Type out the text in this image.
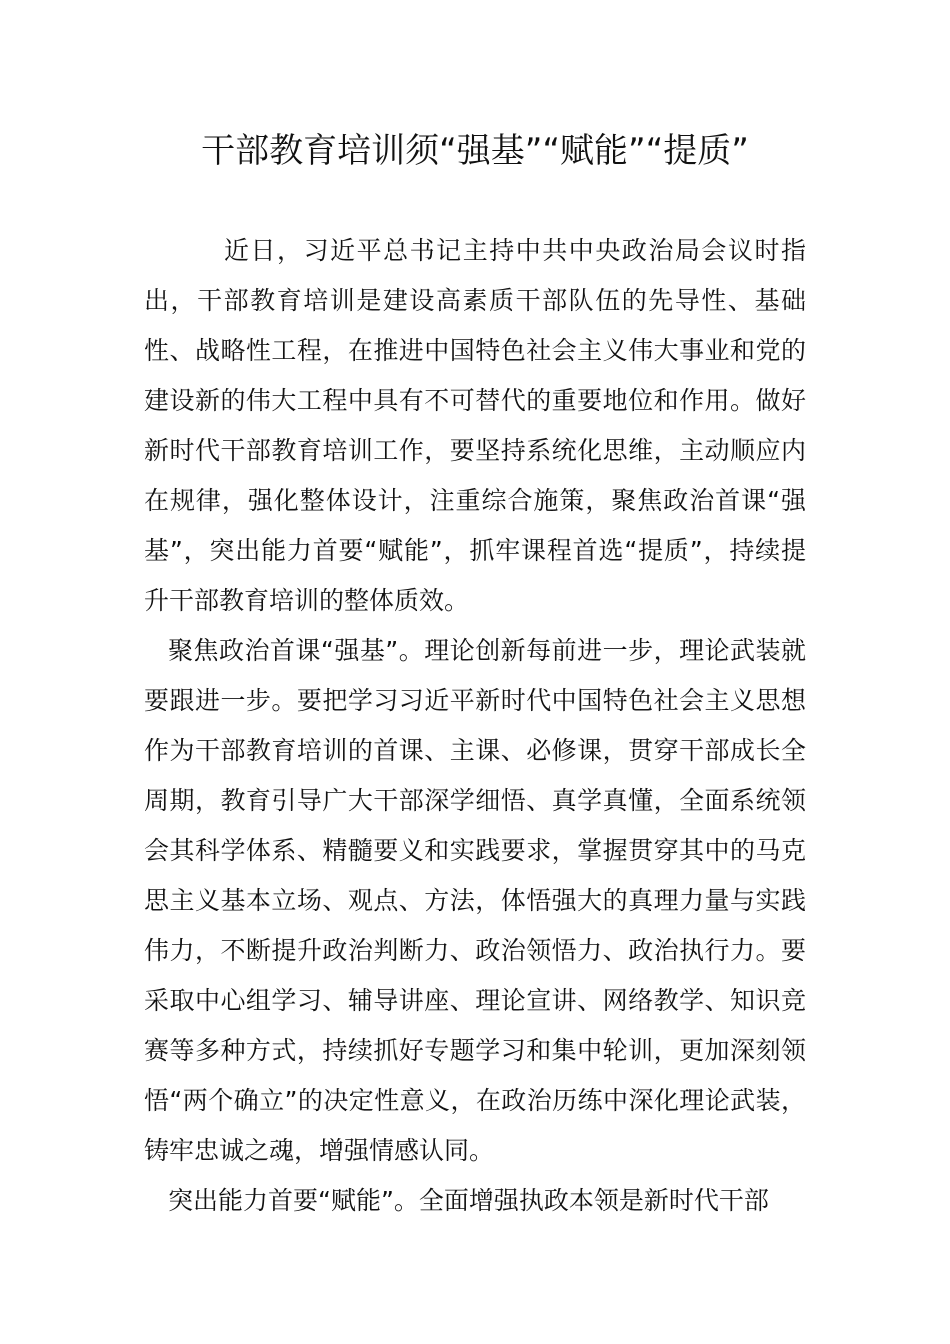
干部教育培训须“强基”“赋能”“提质”

近日，习近平总书记主持中共中央政治局会议时指出，干部教育培训是建设高素质干部队伍的先导性、基础性、战略性工程，在推进中国特色社会主义伟大事业和党的建设新的伟大工程中具有不可替代的重要地位和作用。做好新时代干部教育培训工作，要坚持系统化思维，主动顺应内在规律，强化整体设计，注重综合施策，聚焦政治首课“强基”，突出能力首要“赋能”，抓牢课程首选“提质”，持续提升干部教育培训的整体质效。

聚焦政治首课“强基”。理论创新每前进一步，理论武装就要跟进一步。要把学习习近平新时代中国特色社会主义思想作为干部教育培训的首课、主课、必修课，贯穿干部成长全周期，教育引导广大干部深学细悟、真学真懂，全面系统领会其科学体系、精髓要义和实践要求，掌握贯穿其中的马克思主义基本立场、观点、方法，体悟强大的真理力量与实践伟力，不断提升政治判断力、政治领悟力、政治执行力。要采取中心组学习、辅导讲座、理论宣讲、网络教学、知识竞赛等多种方式，持续抓好专题学习和集中轮训，更加深刻领悟“两个确立”的决定性意义，在政治历练中深化理论武装，铸牢忠诚之魂，增强情感认同。

突出能力首要“赋能”。全面增强执政本领是新时代干部
